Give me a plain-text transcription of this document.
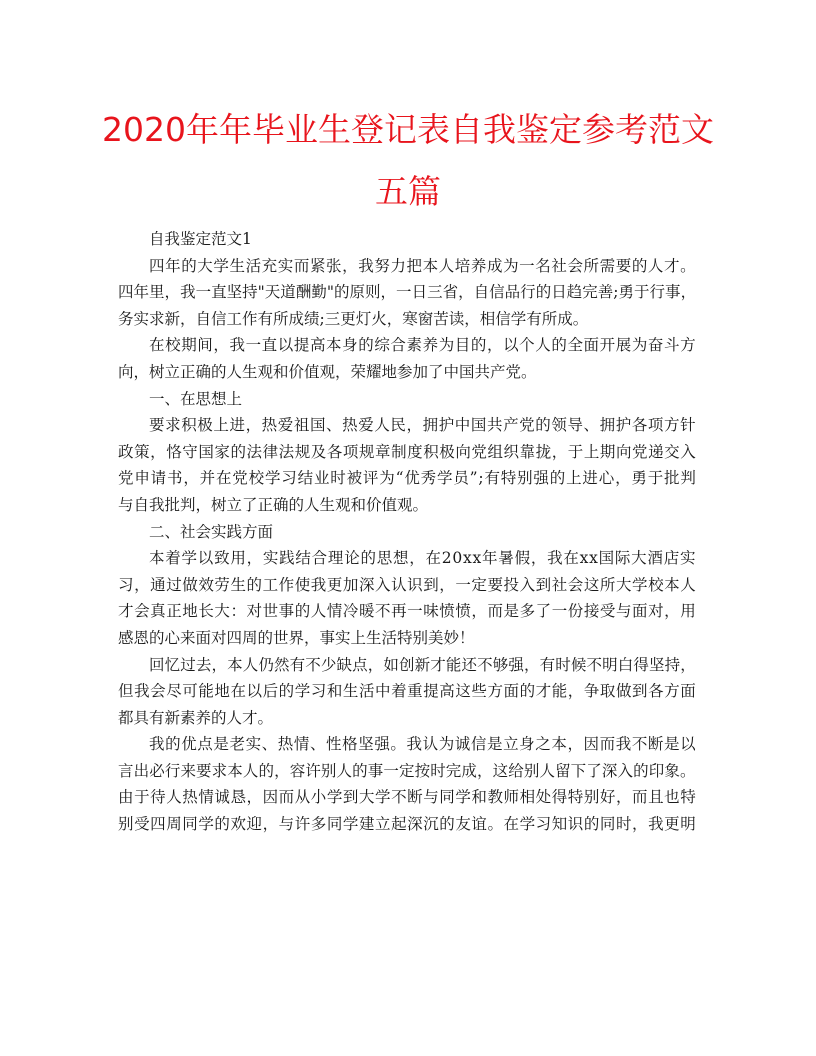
2020年年毕业生登记表自我鉴定参考范文
五篇
自我鉴定范文1
四 年 的 大 学 生 活 充 实 而 紧 张 ， 我 努 力 把 本 人 培 养 成 为 一 名 社 会 所 需 要 的 人 才 。
四 年 里 ， 我 一 直 坚 持 " 天 道 酬 勤 " 的 原 则 ， 一 日 三 省 ， 自 信 品 行 的 日 趋 完 善 ; 勇 于 行 事 ，
务实求新，自信工作有所成绩;三更灯火，寒窗苦读，相信学有所成。
在 校 期 间 ， 我 一 直 以 提 高 本 身 的 综 合 素 养 为 目 的 ， 以 个 人 的 全 面 开 展 为 奋 斗 方
向，树立正确的人生观和价值观，荣耀地参加了中国共产党。
一、在思想上
要 求 积 极 上 进 ， 热 爱 祖 国 、 热 爱 人 民 ， 拥 护 中 国 共 产 党 的 领 导 、 拥 护 各 项 方 针
政 策 ， 恪 守 国 家 的 法 律 法 规 及 各 项 规 章 制 度 积 极 向 党 组 织 靠 拢 ， 于 上 期 向 党 递 交 入
党 申 请 书 ， 并 在 党 校 学 习 结 业 时 被 评 为 “ 优 秀 学 员 ” ; 有 特 别 强 的 上 进 心 ， 勇 于 批 判
与自我批判，树立了正确的人生观和价值观。
二、社会实践方面
本 着 学 以 致 用 ， 实 践 结 合 理 论 的 思 想 ， 在 2 0 x x 年 暑 假 ， 我 在 x x 国 际 大 酒 店 实
习 ， 通 过 做 效 劳 生 的 工 作 使 我 更 加 深 入 认 识 到 ， 一 定 要 投 入 到 社 会 这 所 大 学 校 本 人
才 会 真 正 地 长 大 ： 对 世 事 的 人 情 冷 暖 不 再 一 味 愤 愤 ， 而 是 多 了 一 份 接 受 与 面 对 ， 用
感恩的心来面对四周的世界，事实上生活特别美妙！
回 忆 过 去 ， 本 人 仍 然 有 不 少 缺 点 ， 如 创 新 才 能 还 不 够 强 ， 有 时 候 不 明 白 得 坚 持 ，
但 我 会 尽 可 能 地 在 以 后 的 学 习 和 生 活 中 着 重 提 高 这 些 方 面 的 才 能 ， 争 取 做 到 各 方 面
都具有新素养的人才。
我 的 优 点 是 老 实 、 热 情 、 性 格 坚 强 。 我 认 为 诚 信 是 立 身 之 本 ， 因 而 我 不 断 是 以
言 出 必 行 来 要 求 本 人 的 ， 容 许 别 人 的 事 一 定 按 时 完 成 ， 这 给 别 人 留 下 了 深 入 的 印 象 。
由 于 待 人 热 情 诚 恳 ， 因 而 从 小 学 到 大 学 不 断 与 同 学 和 教 师 相 处 得 特 别 好 ， 而 且 也 特
别 受 四 周 同 学 的 欢 迎 ， 与 许 多 同 学 建 立 起 深 沉 的 友 谊 。 在 学 习 知 识 的 同 时 ， 我 更 明
